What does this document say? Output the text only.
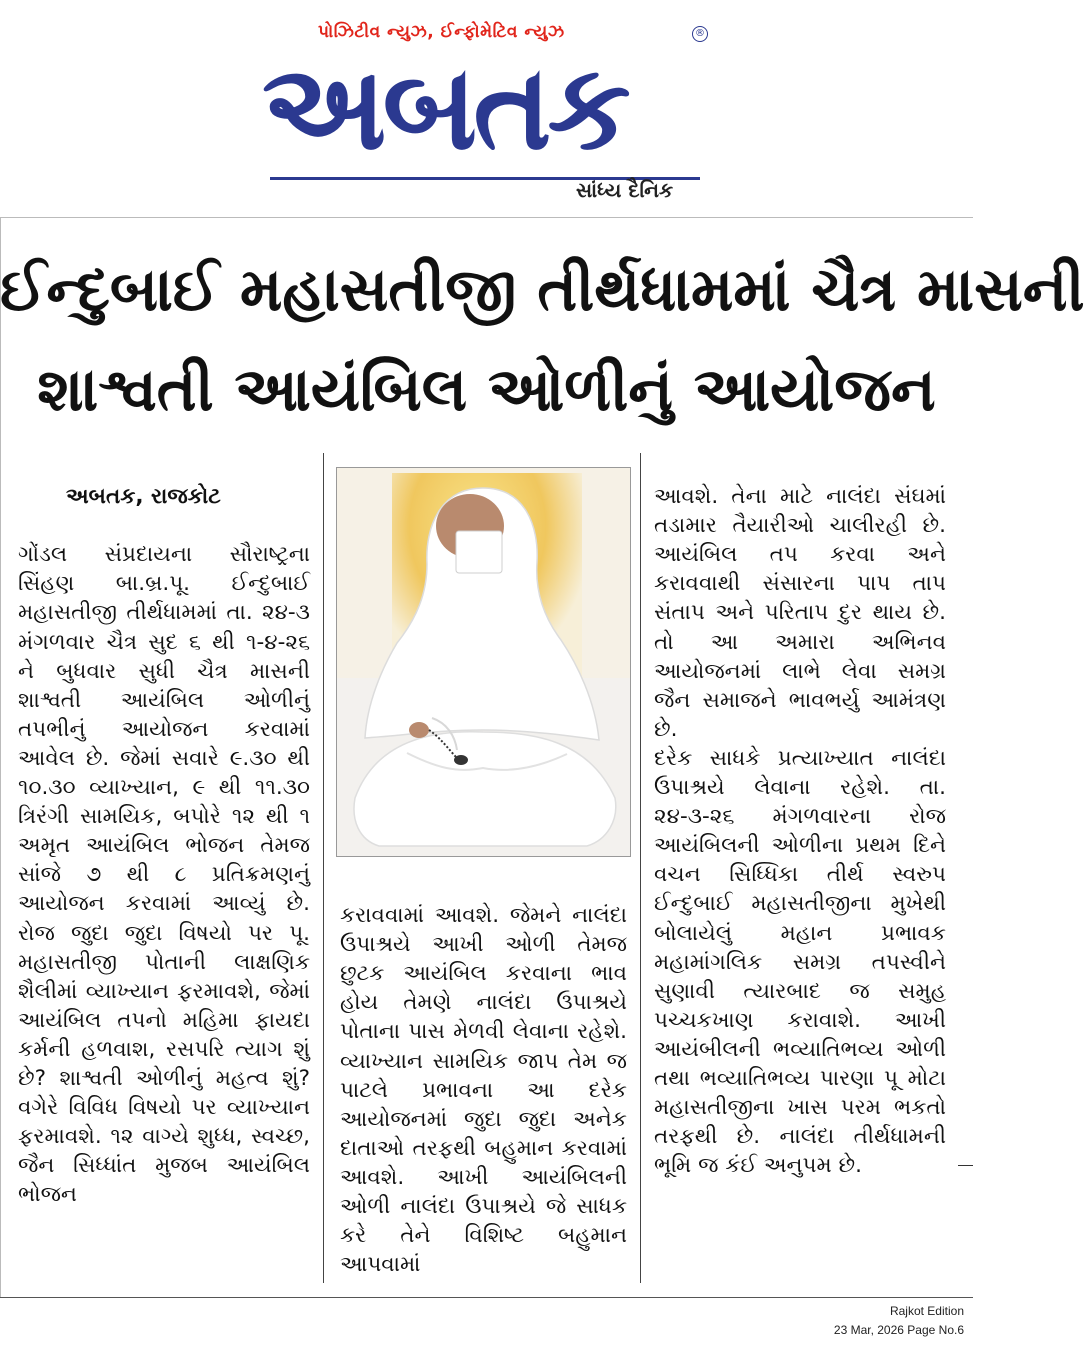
પોઝિટીવ ન્યુઝ, ઈન્ફોમેટિવ ન્યુઝ	®
અબતક
સાંધ્ય દૈનિક
ઈન્દુબાઈ મહાસતીજી તીર્થધામમાં ચૈત્ર માસની
શાશ્વતી આયંબિલ ઓળીનું આયોજન

અબતક, રાજકોટ

ગોંડલ સંપ્રદાયના સૌરાષ્ટ્રના સિંહણ બા.બ્ર.પૂ. ઈન્દુબાઈ મહાસતીજી તીર્થધામમાં તા. ૨૪-૩ મંગળવાર ચૈત્ર સુદ ૬ થી ૧-૪-૨૬ ને બુધવાર સુધી ચૈત્ર માસની શાશ્વતી આયંબિલ ઓળીનું તપભીનું આયોજન કરવામાં આવેલ છે. જેમાં સવારે ૯.૩૦ થી ૧૦.૩૦ વ્યાખ્યાન, ૯ થી ૧૧.૩૦ ત્રિરંગી સામયિક, બપોરે ૧૨ થી ૧ અમૃત આયંબિલ ભોજન તેમજ સાંજે ૭ થી ૮ પ્રતિક્રમણનું આયોજન કરવામાં આવ્યું છે. રોજ જુદા જુદા વિષયો પર પૂ. મહાસતીજી પોતાની લાક્ષણિક શૈલીમાં વ્યાખ્યાન ફરમાવશે, જેમાં આયંબિલ તપનો મહિમા ફાયદા કર્મની હળવાશ, રસપરિ ત્યાગ શું છે? શાશ્વતી ઓળીનું મહત્વ શું? વગેરે વિવિધ વિષયો પર વ્યાખ્યાન ફરમાવશે. ૧૨ વાગ્યે શુધ્ધ, સ્વચ્છ, જૈન સિધ્ધાંત મુજબ આયંબિલ ભોજન

કરાવવામાં આવશે. જેમને નાલંદા ઉપાશ્રયે આખી ઓળી તેમજ છુટક આયંબિલ કરવાના ભાવ હોય તેમણે નાલંદા ઉપાશ્રયે પોતાના પાસ મેળવી લેવાના રહેશે. વ્યાખ્યાન સામયિક જાપ તેમ જ પાટલે પ્રભાવના આ દરેક આયોજનમાં જુદા જુદા અનેક દાતાઓ તરફથી બહુમાન કરવામાં આવશે. આખી આયંબિલની ઓળી નાલંદા ઉપાશ્રયે જે સાધક કરે તેને વિશિષ્ટ બહુમાન આપવામાં

આવશે. તેના માટે નાલંદા સંઘમાં તડામાર તૈયારીઓ ચાલીરહી છે. આયંબિલ તપ કરવા અને કરાવવાથી સંસારના પાપ તાપ સંતાપ અને પરિતાપ દુર થાય છે. તો આ અમારા અભિનવ આયોજનમાં લાભે લેવા સમગ્ર જૈન સમાજને ભાવભર્યુ આમંત્રણ છે.
દરેક સાધકે પ્રત્યાખ્યાત નાલંદા ઉપાશ્રયે લેવાના રહેશે. તા. ૨૪-૩-૨૬ મંગળવારના રોજ આયંબિલની ઓળીના પ્રથમ દિને વચન સિધ્ધિકા તીર્થ સ્વરુપ ઈન્દુબાઈ મહાસતીજીના મુખેથી બોલાયેલું મહાન પ્રભાવક મહામાંગલિક સમગ્ર તપસ્વીને સુણાવી ત્યારબાદ જ સમુહ પચ્ચકખાણ કરાવાશે. આખી આયંબીલની ભવ્યાતિભવ્ય ઓળી તથા ભવ્યાતિભવ્ય પારણા પૂ મોટા મહાસતીજીના ખાસ પરમ ભકતો તરફથી છે. નાલંદા તીર્થધામની ભૂમિ જ કંઈ અનુપમ છે.

Rajkot Edition
23 Mar, 2026 Page No.6
